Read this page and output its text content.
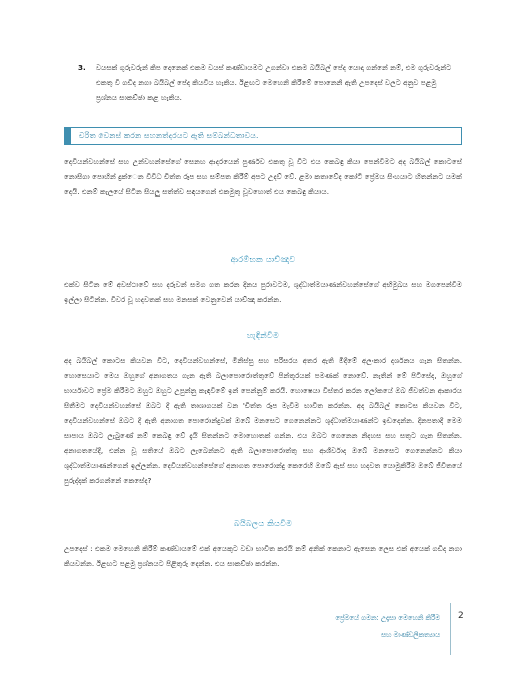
3.	වයසක් ගුරුවරුන් කිප දෙනෙක් එකම වයස් කණ්ඩායමට උගන්වා එකම බයිබල් පේද යොදා ගන්නේ නම්, එම ගුරුවරුන්ට එකතු වී ගඩිද නගා බයිබල් පේද කියවිය හැකිය. ඊළඟට මෙහෙනි කිරීමේ පොනෙනි ඇති උපදෙස් වලට අනුව පළමු ප්‍රශ්නය සාකච්ඡා කළ හැකිය.
චරිත වෙනස් කරන සහනත්දරයට ඇති සම්බන්ධතාවය.
දෙවියන්වහන්සේ සහ උන්වහන්සේගේ සෙනහ ආදරයෙන් පුර්ණව එකතු වූ විට එය කෙබඳු කියා පෙන්වීමට අද බයිබල් කොටසේ නොසිගා පොහින් දුක්ෙන විවිධ චිත්ත රූප සහ සම්පත කිරීම් අපට උදව් වේ. ළමා කතාවේද කෝටි ප්‍රේමය සිංහයාට හිතන්නට යමක් දෙයි. එනම් කැලයේ සිටින සියලු සත්ත්ව සඳයගෙන් එකමුතු වූවහොත් එය කෙබඳු කියාය.
ආරම්භක යාච්ඤාව
එක්ව සිටින මේ අවස්ථාවේ සහ දරුවන් සමග ගත කරන දිනය පුරාවටම, ශුද්ධාත්මයාණන්වහන්සේගේ අභිමුඛය සහ මගපෙන්වීම ඉල්ලා සිටින්න. විවර වූ හදවතක් සහ මනසක් වෙනුවෙන් යාච්ඤා කරන්න.
හැඳින්වීම
අද බයිබල් කොටස කියවන විට, දෙවියන්වහන්සේ, මිනිස්සු සහ පරිසරය අතර ඇති මිදීමේ අලංකාර දර්ශනය ගැන සිතන්න. හොසෙයාට මෙය ඔහුගේ අනාගතය ගැන ඇති බලාපොරොත්තුවේ පින්තූරයක් පමණක් නොවේ. නැතින් මේ පිටිසේද, ඔහුගේ භාර්යාවට ප්‍රේම කිරීමට ඔහුට ඔහුට උපුන්නු කැඳවීමේ ඉන් පෙන්නුම් කරයි. හොෂෙයා විස්තර කරන ලෝකයේ ඔබ ජීවත්වන ආකාරය සිතීමට දෙවියන්වහන්සේ ඔබට දී ඇති තෘශාගයක් වන 'චිත්ත රූප මැවීම භාවිත කරන්න. අද බයිබල් කොටස කියවන විට, දෙවියන්වහන්සේ ඔබට දී ඇති අනාගත පොරොන්දුවක් ඔබේ මනසෙට ගෙනෙන්නට ශුද්ධාත්මයාණන්ට ඉඩදෙන්න. දිනපතාදී මෙම සාපාය ඔබට ලැබුණේ නම් කෙබඳු වේ දැයි සිතන්නට මොහොතක් ගන්න. එය ඔබට ගෙනෙන නිදහස සහ සතුට ගැන සිතන්න. අනාගතයේදී, එන්න වූ සතියේ ඔබට ලැබෙන්නට ඇති බලාපොරොත්තු සහ ආශීර්වාද ඔබේ මනසෙට ගෙනෙන්නට කියා ශුද්ධාත්මයාණන්ගෙන් ඉල්ලන්න. දෙවියන්වහන්සේගේ අනාගත පොරොන්දු කෙරෙහි ඔබේ ඇස් සහ හදවත යොමුකිරීම ඔබේ ජීවිතයේ පුරුද්දක් කරගන්නේ කෙසේද?
බයිබලය කියවීම
උපදෙස් : එකම මෙහෙනි කිරීම් කණ්ඩායමේ එක් අයෙකුට වඩා භාවිත කරයි නම් අනික් කෙනාට ඇසෙන ලෙස එක් අයෙක් ගඩිද නගා කියවන්න. ඊළඟට පළමු ප්‍රශ්නයට පිළිතුරු දෙන්න. එය සාකච්ඡා කරන්න.
ප්‍රේමයේ ගමන: උදෑසා මෙහෙනි කිරීම
සහ මාණ්ඩලිකත්‍යාය
2
